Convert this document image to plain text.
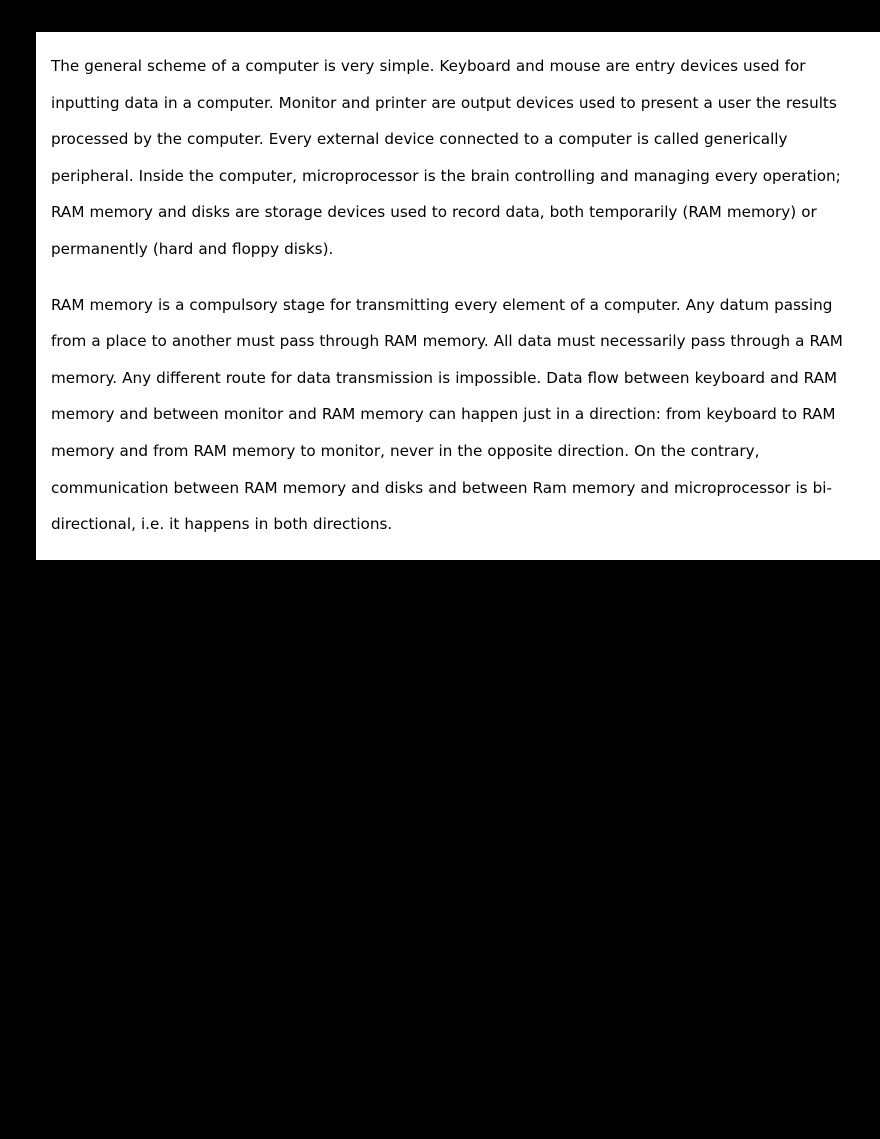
The general scheme of a computer is very simple. Keyboard and mouse are entry devices used for inputting data in a computer. Monitor and printer are output devices used to present a user the results processed by the computer. Every external device connected to a computer is called generically peripheral. Inside the computer, microprocessor is the brain controlling and managing every operation; RAM memory and disks are storage devices used to record data, both temporarily (RAM memory) or permanently (hard and floppy disks).

RAM memory is a compulsory stage for transmitting every element of a computer. Any datum passing from a place to another must pass through RAM memory. All data must necessarily pass through a RAM memory. Any different route for data transmission is impossible. Data flow between keyboard and RAM memory and between monitor and RAM memory can happen just in a direction: from keyboard to RAM memory and from RAM memory to monitor, never in the opposite direction. On the contrary, communication between RAM memory and disks and between Ram memory and microprocessor is bi-directional, i.e. it happens in both directions.
